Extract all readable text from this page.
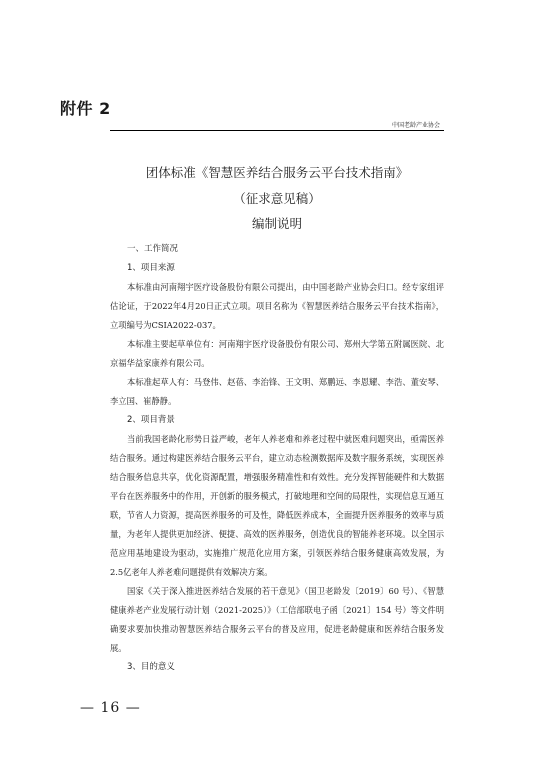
附件 2
中国老龄产业协会
团体标准《智慧医养结合服务云平台技术指南》
（征求意见稿）
编制说明
一、工作简况
1、项目来源
本标准由河南翔宇医疗设备股份有限公司提出，由中国老龄产业协会归口。经专家组评估论证，于2022年4月20日正式立项。项目名称为《智慧医养结合服务云平台技术指南》，立项编号为CSIA2022-037。
本标准主要起草单位有：河南翔宇医疗设备股份有限公司、郑州大学第五附属医院、北京福华益家康养有限公司。
本标准起草人有：马登伟、赵蓓、李治锋、王文明、郑鹏远、李恩耀、李浩、董安琴、李立国、崔静静。
2、项目背景
当前我国老龄化形势日益严峻，老年人养老难和养老过程中就医难问题突出，亟需医养结合服务。通过构建医养结合服务云平台，建立动态检测数据库及数字服务系统，实现医养结合服务信息共享，优化资源配置，增强服务精准性和有效性。充分发挥智能硬件和大数据平台在医养服务中的作用，开创新的服务模式，打破地理和空间的局限性，实现信息互通互联，节省人力资源，提高医养服务的可及性，降低医养成本，全面提升医养服务的效率与质量，为老年人提供更加经济、便捷、高效的医养服务，创造优良的智能养老环境。以全国示范应用基地建设为驱动，实施推广规范化应用方案，引领医养结合服务健康高效发展，为2.5亿老年人养老难问题提供有效解决方案。
国家《关于深入推进医养结合发展的若干意见》（国卫老龄发〔2019〕60 号）、《智慧健康养老产业发展行动计划（2021-2025）》（工信部联电子函〔2021〕154 号）等文件明确要求要加快推动智慧医养结合服务云平台的普及应用，促进老龄健康和医养结合服务发展。
3、目的意义
— 16 —
